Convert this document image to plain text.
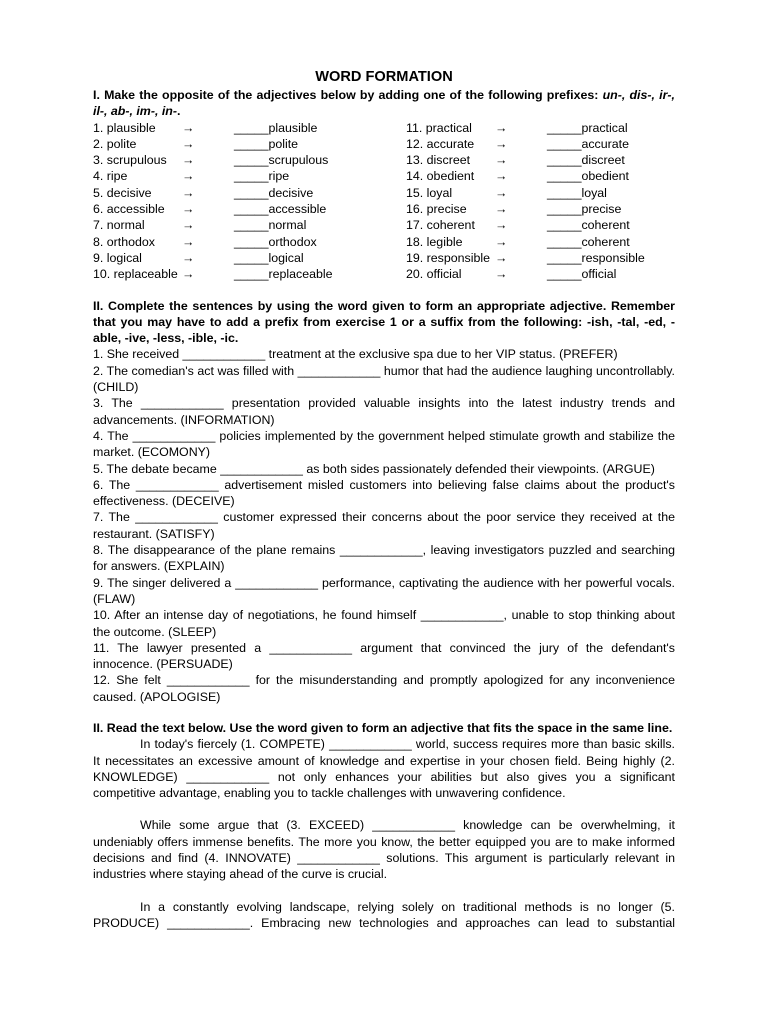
WORD FORMATION
I. Make the opposite of the adjectives below by adding one of the following prefixes: un-, dis-, ir-, il-, ab-, im-, in-.
1. plausible	→	_____plausible
2. polite	→	_____polite
3. scrupulous	→	_____scrupulous
4. ripe	→	_____ripe
5. decisive	→	_____decisive
6. accessible	→	_____accessible
7. normal	→	_____normal
8. orthodox	→	_____orthodox
9. logical	→	_____logical
10. replaceable →	_____replaceable
11. practical	→	_____practical
12. accurate	→	_____accurate
13. discreet	→	_____discreet
14. obedient	→	_____obedient
15. loyal	→	_____loyal
16. precise	→	_____precise
17. coherent	→	_____coherent
18. legible	→	_____coherent
19. responsible →	_____responsible
20. official	→	_____official
II. Complete the sentences by using the word given to form an appropriate adjective. Remember that you may have to add a prefix from exercise 1 or a suffix from the following: -ish, -tal, -ed, -able, -ive, -less, -ible, -ic.
1. She received ____________ treatment at the exclusive spa due to her VIP status. (PREFER)
2. The comedian's act was filled with ____________ humor that had the audience laughing uncontrollably. (CHILD)
3. The ____________ presentation provided valuable insights into the latest industry trends and advancements. (INFORMATION)
4. The ____________ policies implemented by the government helped stimulate growth and stabilize the market. (ECOMONY)
5. The debate became ____________ as both sides passionately defended their viewpoints. (ARGUE)
6. The ____________ advertisement misled customers into believing false claims about the product's effectiveness. (DECEIVE)
7. The ____________ customer expressed their concerns about the poor service they received at the restaurant. (SATISFY)
8. The disappearance of the plane remains ____________, leaving investigators puzzled and searching for answers. (EXPLAIN)
9. The singer delivered a ____________ performance, captivating the audience with her powerful vocals. (FLAW)
10. After an intense day of negotiations, he found himself ____________, unable to stop thinking about the outcome. (SLEEP)
11. The lawyer presented a ____________ argument that convinced the jury of the defendant's innocence. (PERSUADE)
12. She felt ____________ for the misunderstanding and promptly apologized for any inconvenience caused. (APOLOGISE)
II. Read the text below. Use the word given to form an adjective that fits the space in the same line.
In today's fiercely (1. COMPETE) ____________ world, success requires more than basic skills. It necessitates an excessive amount of knowledge and expertise in your chosen field. Being highly (2. KNOWLEDGE) ____________ not only enhances your abilities but also gives you a significant competitive advantage, enabling you to tackle challenges with unwavering confidence.
While some argue that (3. EXCEED) ____________ knowledge can be overwhelming, it undeniably offers immense benefits. The more you know, the better equipped you are to make informed decisions and find (4. INNOVATE) ____________ solutions. This argument is particularly relevant in industries where staying ahead of the curve is crucial.
In a constantly evolving landscape, relying solely on traditional methods is no longer (5. PRODUCE) ____________. Embracing new technologies and approaches can lead to substantial
